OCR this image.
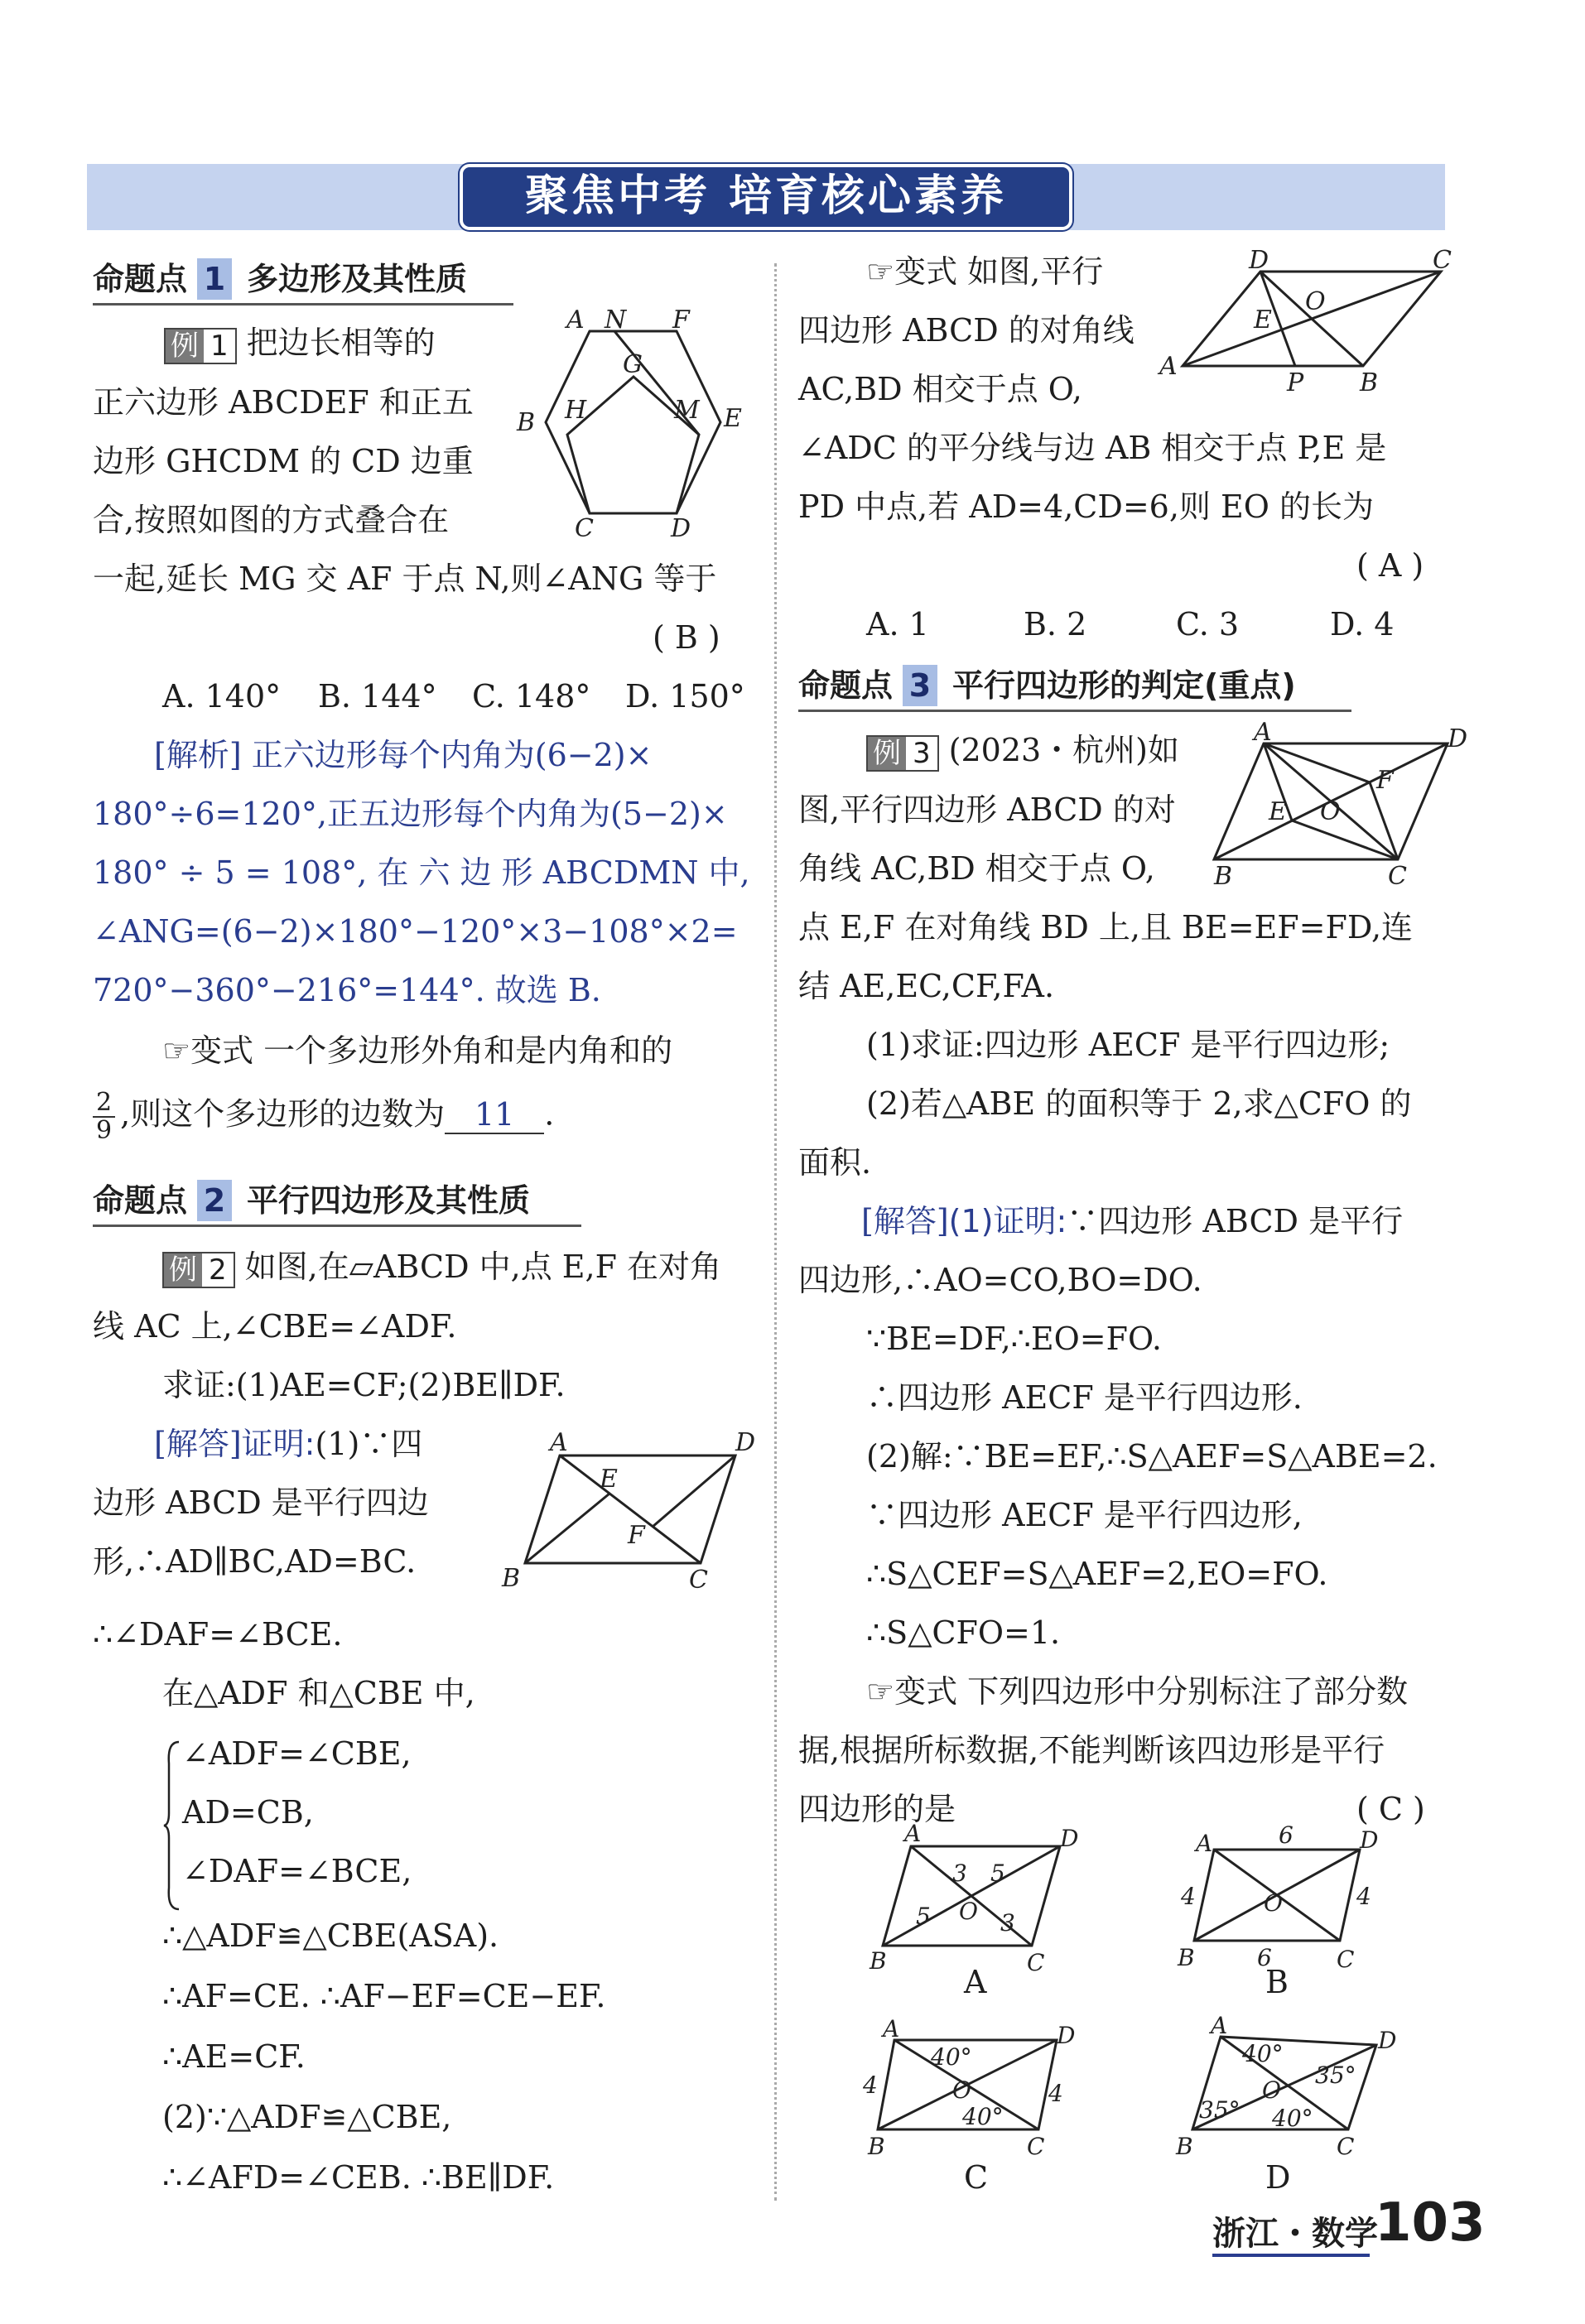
聚焦中考 培育核心素养
命题点 1 多边形及其性质
例 1 把边长相等的
正六边形 ABCDEF 和正五
边形 GHCDM 的 CD 边重
合,按照如图的方式叠合在
一起,延长 MG 交 AF 于点 N,则∠ANG 等于
( B )
A. 140° B. 144° C. 148° D. 150°
[解析] 正六边形每个内角为(6−2)×
180°÷6=120°,正五边形每个内角为(5−2)×
180° ÷ 5 = 108°, 在 六 边 形 ABCDMN 中,
∠ANG=(6−2)×180°−120°×3−108°×2=
720°−360°−216°=144°. 故选 B.
☞变式 一个多边形外角和是内角和的
$\frac{2}{9}$ ,则这个多边形的边数为 11 .
A N F
G
B H	M E
C	D
命题点 2 平行四边形及其性质
例 2 如图,在▱ABCD 中,点 E,F 在对角
线 AC 上,∠CBE=∠ADF.
求证:(1)AE=CF;(2)BE∥DF.
[解答]证明:(1)∵四
边形 ABCD 是平行四边
形,∴AD∥BC,AD=BC.
∴∠DAF=∠BCE.
在△ADF 和△CBE 中,
∠ADF=∠CBE,
AD=CB,
∠DAF=∠BCE,
∴△ADF≌△CBE(ASA).
∴AF=CE. ∴AF−EF=CE−EF.
∴AE=CF.
(2)∵△ADF≌△CBE,
∴∠AFD=∠CEB. ∴BE∥DF.
A	D
E
F
B	C
☞变式 如图,平行
四边形 ABCD 的对角线
AC,BD 相交于点 O,
∠ADC 的平分线与边 AB 相交于点 P,E 是
PD 中点,若 AD=4,CD=6,则 EO 的长为
( A )
A. 1	B. 2	C. 3	D. 4
D	C
E
O
A
P B
命题点 3 平行四边形的判定(重点)
例 3 (2023・杭州)如
图,平行四边形 ABCD 的对
角线 AC,BD 相交于点 O,
点 E,F 在对角线 BD 上,且 BE=EF=FD,连
结 AE,EC,CF,FA.
(1)求证:四边形 AECF 是平行四边形;
(2)若△ABE 的面积等于 2,求△CFO 的
面积.
[解答](1)证明:∵四边形 ABCD 是平行
四边形,∴AO=CO,BO=DO.
∵BE=DF,∴EO=FO.
∴四边形 AECF 是平行四边形.
(2)解:∵BE=EF,∴S△AEF=S△ABE=2.
∵四边形 AECF 是平行四边形,
∴S△CEF=S△AEF=2,EO=FO.
∴S△CFO=1.
A	D
F
E O
B	C
☞变式 下列四边形中分别标注了部分数
据,根据所标数据,不能判断该四边形是平行
四边形的是	( C )
A	D
B	C
O
3 5
5	3
A
A	D
B	C
O
6
4	4
6
B
A	D
B	C
O
40°
40°
4	4
C
A
D
B	C
O
40°
35°
35° 40°
D
浙江・数学
103
